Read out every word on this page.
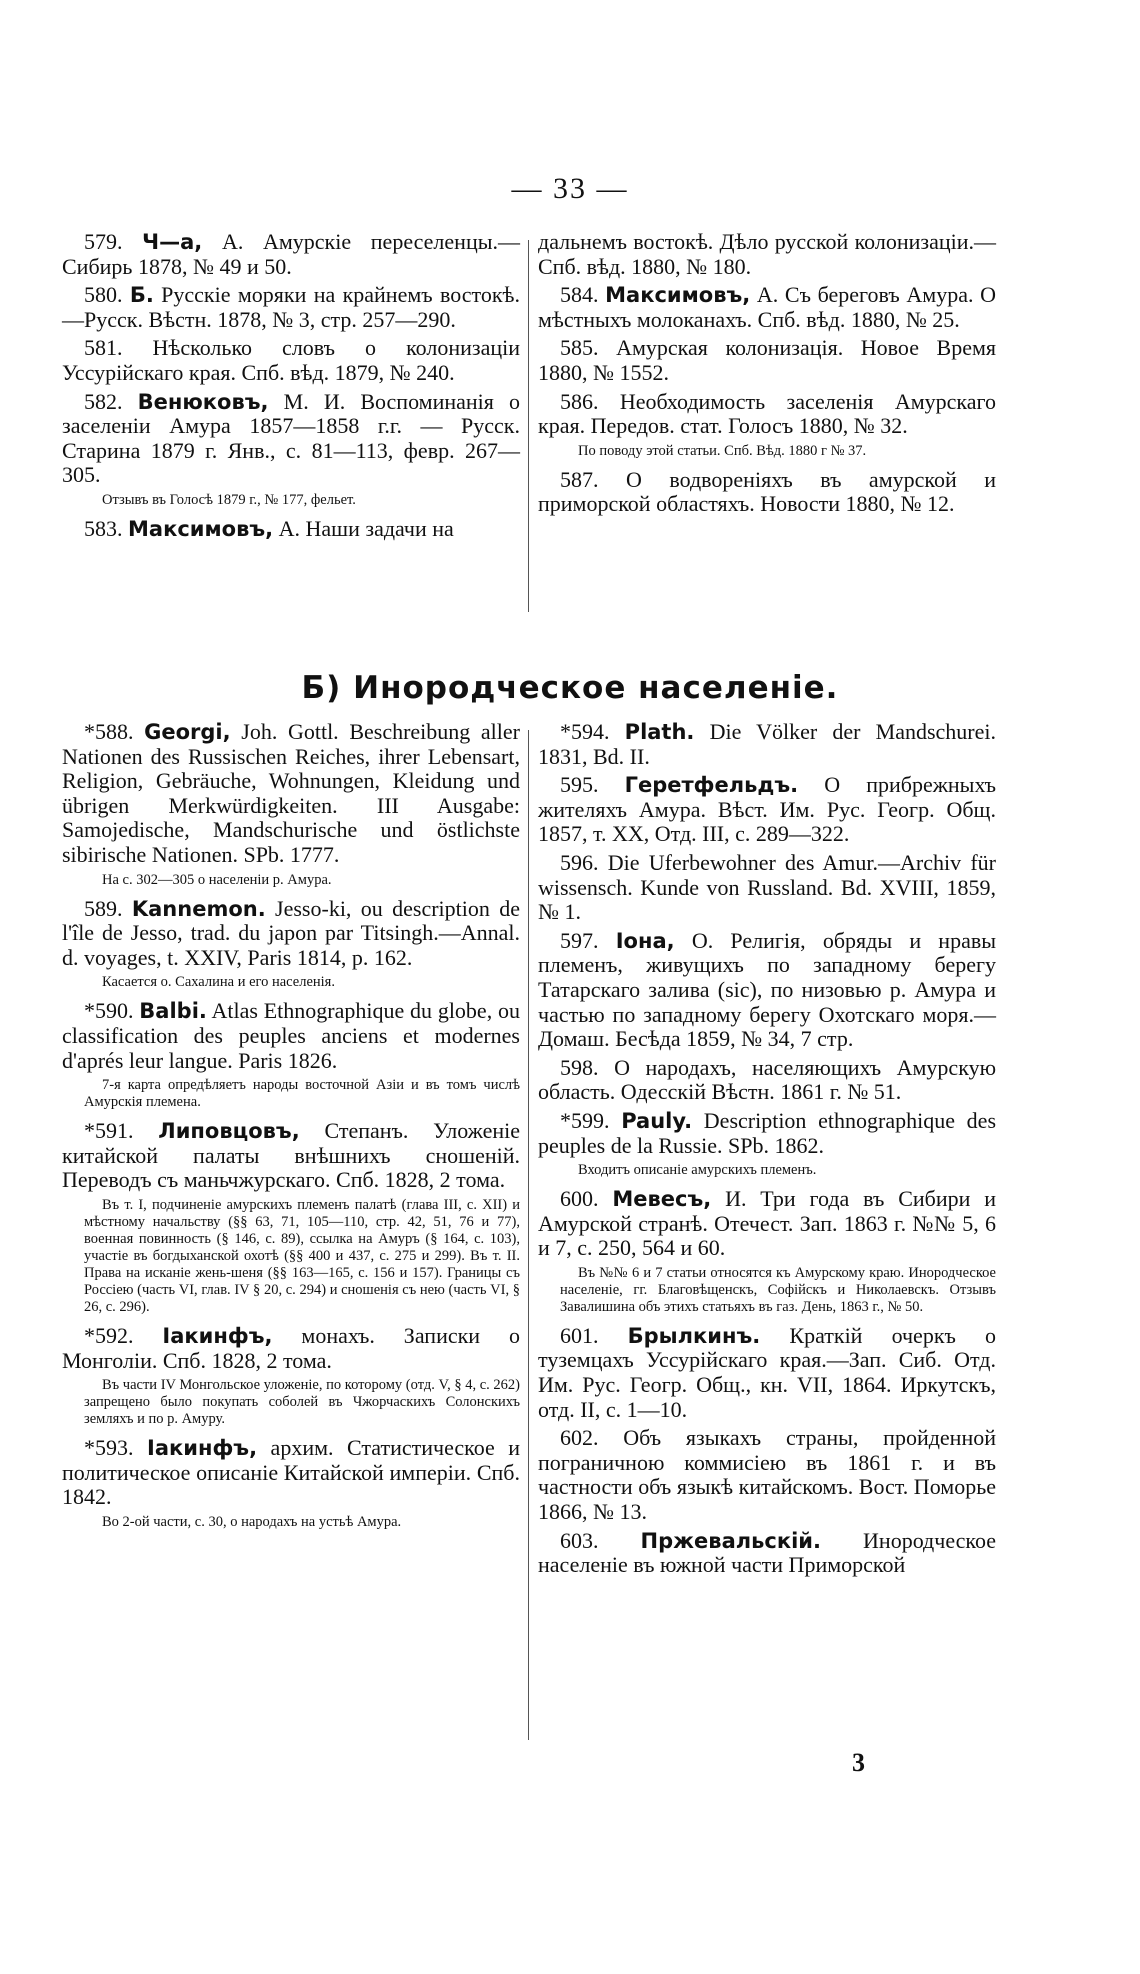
— 33 —

579. Ч—а, А. Амурскіе переселенцы.— Сибирь 1878, № 49 и 50.

580. Б. Русскіе моряки на крайнемъ востокѣ.—Русск. Вѣстн. 1878, № 3, стр. 257—290.

581. Нѣсколько словъ о колонизаціи Уссурійскаго края. Спб. вѣд. 1879, № 240.

582. Венюковъ, М. И. Воспоминанія о заселеніи Амура 1857—1858 г.г. — Русск. Старина 1879 г. Янв., с. 81—113, февр. 267—305.

Отзывъ въ Голосѣ 1879 г., № 177, фельет.

583. Максимовъ, А. Наши задачи на

дальнемъ востокѣ. Дѣло русской колонизаціи.—Спб. вѣд. 1880, № 180.

584. Максимовъ, А. Съ береговъ Амура. О мѣстныхъ молоканахъ. Спб. вѣд. 1880, № 25.

585. Амурская колонизація. Новое Время 1880, № 1552.

586. Необходимость заселенія Амурскаго края. Передов. стат. Голосъ 1880, № 32.

По поводу этой статьи. Спб. Вѣд. 1880 г № 37.

587. О водвореніяхъ въ амурской и приморской областяхъ. Новости 1880, № 12.

Б) Инородческое населеніе.

*588. Georgi, Joh. Gottl. Beschreibung aller Nationen des Russischen Reiches, ihrer Lebensart, Religion, Gebräuche, Wohnungen, Kleidung und übrigen Merkwürdigkeiten. III Ausgabe: Samojedische, Mandschurische und östlichste sibirische Nationen. SPb. 1777.

На с. 302—305 о населеніи р. Амура.

589. Kannemon. Jesso-ki, ou description de l'île de Jesso, trad. du japon par Titsingh.—Annal. d. voyages, t. XXIV, Paris 1814, p. 162.

Касается о. Сахалина и его населенія.

*590. Balbi. Atlas Ethnographique du globe, ou classification des peuples anciens et modernes d'aprés leur langue. Paris 1826.

7-я карта опредѣляетъ народы восточной Азіи и въ томъ числѣ Амурскія племена.

*591. Липовцовъ, Степанъ. Уложеніе китайской палаты внѣшнихъ сношеній. Переводъ съ маньчжурскаго. Спб. 1828, 2 тома.

Въ т. I, подчиненіе амурскихъ племенъ палатѣ (глава III, с. XII) и мѣстному начальству (§§ 63, 71, 105—110, стр. 42, 51, 76 и 77), военная повинность (§ 146, с. 89), ссылка на Амуръ (§ 164, с. 103), участіе въ богдыханской охотѣ (§§ 400 и 437, с. 275 и 299). Въ т. II. Права на исканіе жень-шеня (§§ 163—165, с. 156 и 157). Границы съ Россіею (часть VI, глав. IV § 20, с. 294) и сношенія съ нею (часть VI, § 26, с. 296).

*592. Іакинфъ, монахъ. Записки о Монголіи. Спб. 1828, 2 тома.

Въ части IV Монгольское уложеніе, по которому (отд. V, § 4, с. 262) запрещено было покупать соболей въ Чжорчаскихъ Солонскихъ земляхъ и по р. Амуру.

*593. Іакинфъ, архим. Статистическое и политическое описаніе Китайской имперіи. Спб. 1842.

Во 2-ой части, с. 30, о народахъ на устьѣ Амура.

*594. Plath. Die Völker der Mandschurei. 1831, Bd. II.

595. Геретфельдъ. О прибрежныхъ жителяхъ Амура. Вѣст. Им. Рус. Геогр. Общ. 1857, т. XX, Отд. III, с. 289—322.

596. Die Uferbewohner des Amur.—Archiv für wissensch. Kunde von Russland. Bd. XVIII, 1859, № 1.

597. Іона, О. Религія, обряды и нравы племенъ, живущихъ по западному берегу Татарскаго залива (sic), по низовью р. Амура и частью по западному берегу Охотскаго моря.—Домаш. Бесѣда 1859, № 34, 7 стр.

598. О народахъ, населяющихъ Амурскую область. Одесскій Вѣстн. 1861 г. № 51.

*599. Pauly. Description ethnographique des peuples de la Russie. SPb. 1862.

Входитъ описаніе амурскихъ племенъ.

600. Мевесъ, И. Три года въ Сибири и Амурской странѣ. Отечест. Зап. 1863 г. №№ 5, 6 и 7, с. 250, 564 и 60.

Въ №№ 6 и 7 статьи относятся къ Амурскому краю. Инородческое населеніе, гг. Благовѣщенскъ, Софійскъ и Николаевскъ. Отзывъ Завалишина объ этихъ статьяхъ въ газ. День, 1863 г., № 50.

601. Брылкинъ. Краткій очеркъ о туземцахъ Уссурійскаго края.—Зап. Сиб. Отд. Им. Рус. Геогр. Общ., кн. VII, 1864. Иркутскъ, отд. II, с. 1—10.

602. Объ языкахъ страны, пройденной пограничною коммисіею въ 1861 г. и въ частности объ языкѣ китайскомъ. Вост. Поморье 1866, № 13.

603. Пржевальскій. Инородческое населеніе въ южной части Приморской

3
